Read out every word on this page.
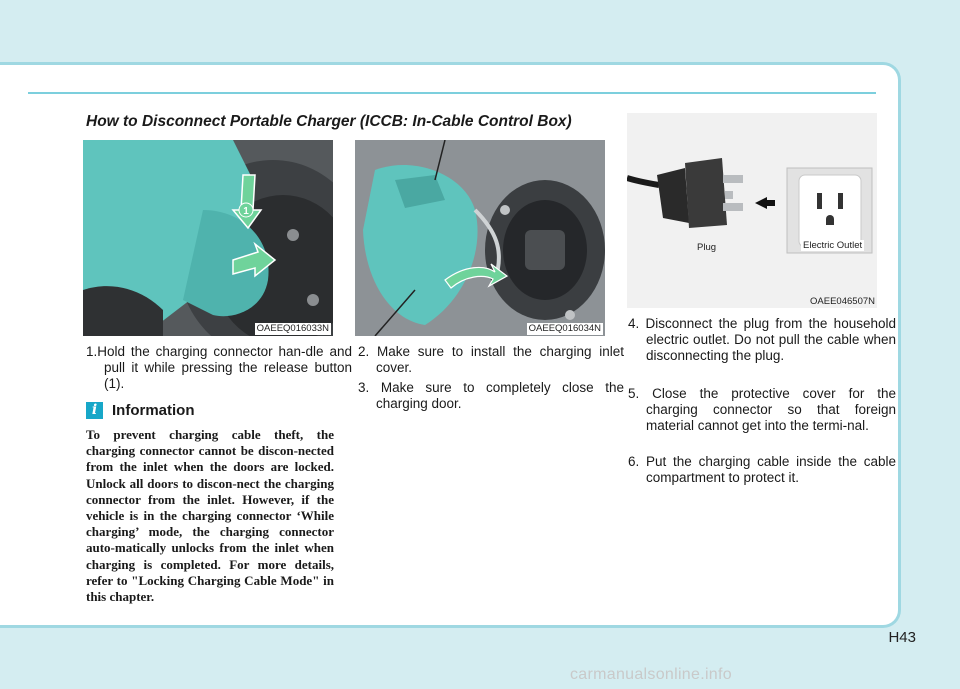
How to Disconnect Portable Charger (ICCB: In-Cable Control Box)
1
OAEEQ016033N	OAEEQ016034N
Plug	Electric Outlet
OAEE046507N
1.Hold the charging connector han-dle and pull it while pressing the release button (1).
i Information
To prevent charging cable theft, the charging connector cannot be discon-nected from the inlet when the doors are locked. Unlock all doors to discon-nect the charging connector from the inlet. However, if the vehicle is in the charging connector ‘While charging’ mode, the charging connector auto-matically unlocks from the inlet when charging is completed. For more details, refer to "Locking Charging Cable Mode" in this chapter.
2. Make sure to install the charging inlet cover.
3. Make sure to completely close the charging door.
4. Disconnect the plug from the household electric outlet. Do not pull the cable when disconnecting the plug.
5. Close the protective cover for the charging connector so that foreign material cannot get into the termi-nal.
6. Put the charging cable inside the cable compartment to protect it.
H43
carmanualsonline.info
